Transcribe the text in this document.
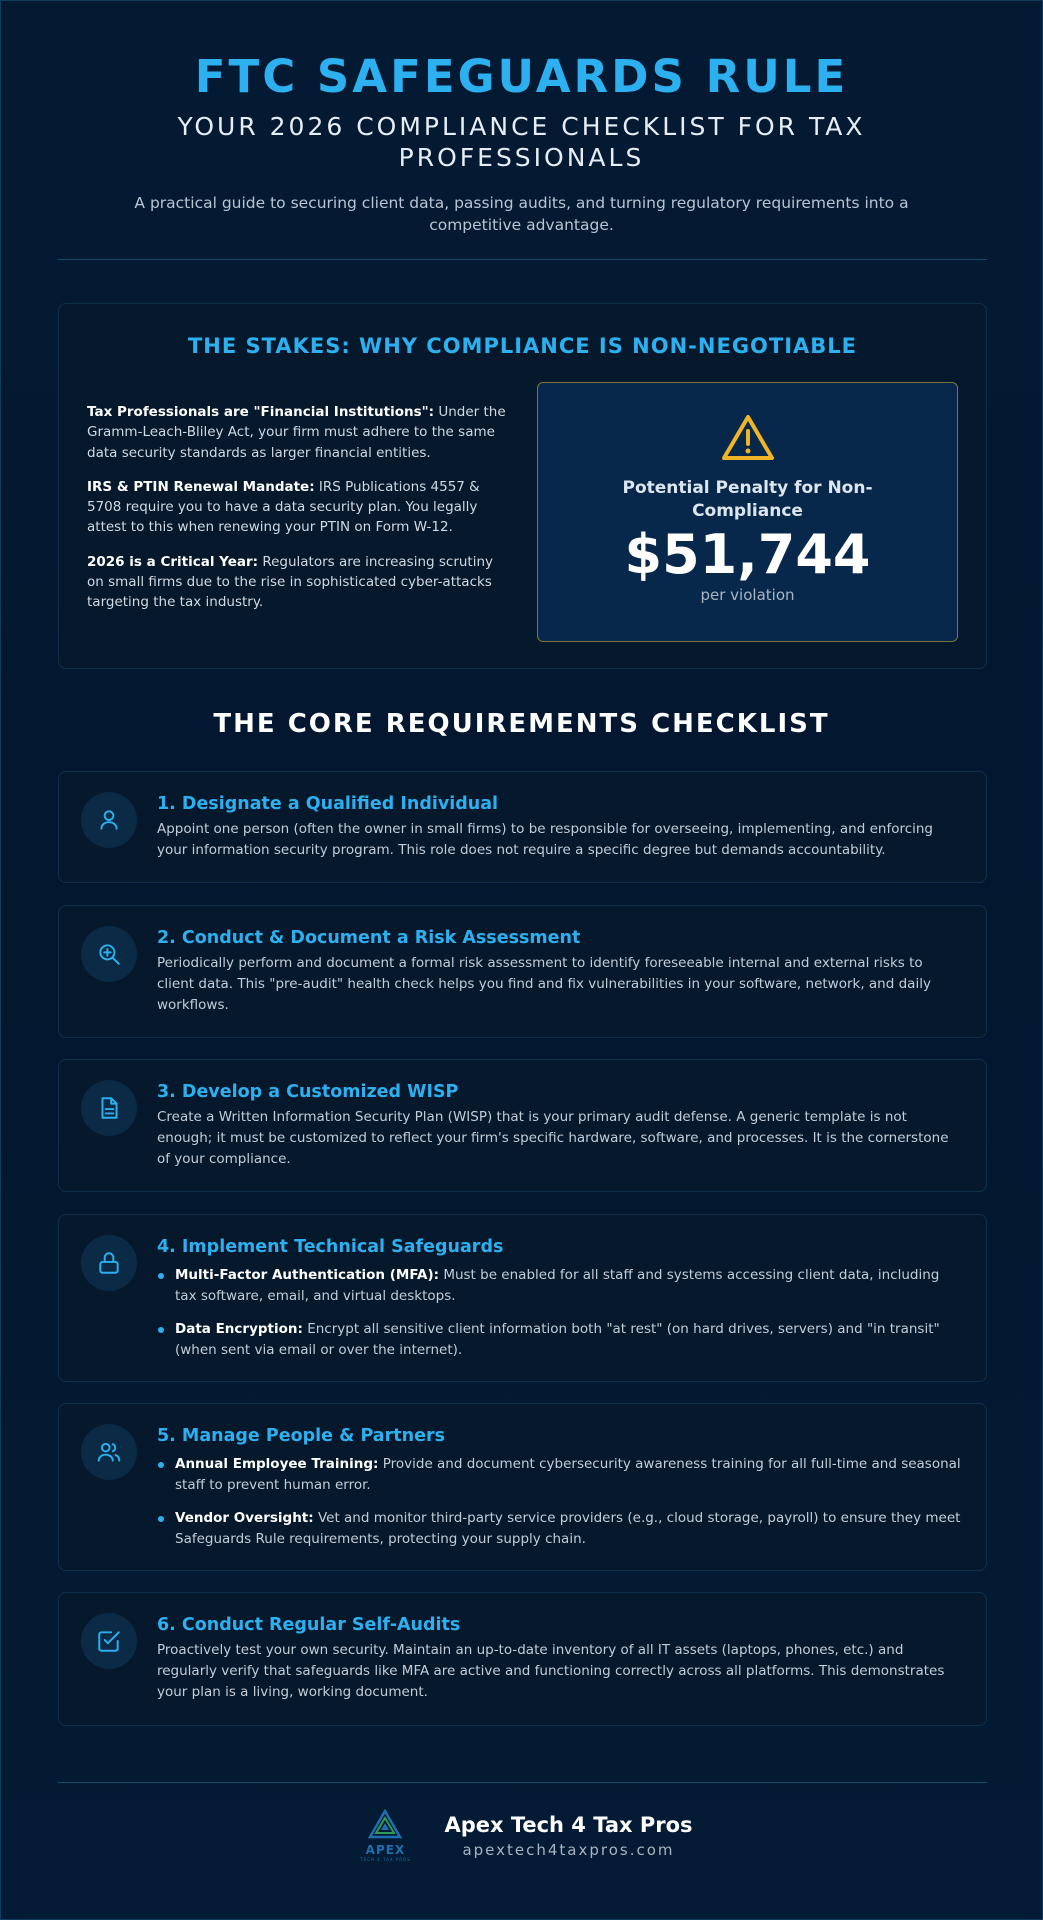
FTC SAFEGUARDS RULE
YOUR 2026 COMPLIANCE CHECKLIST FOR TAX PROFESSIONALS

A practical guide to securing client data, passing audits, and turning regulatory requirements into a competitive advantage.

THE STAKES: WHY COMPLIANCE IS NON-NEGOTIABLE

Tax Professionals are "Financial Institutions": Under the Gramm-Leach-Bliley Act, your firm must adhere to the same data security standards as larger financial entities.

IRS & PTIN Renewal Mandate: IRS Publications 4557 & 5708 require you to have a data security plan. You legally attest to this when renewing your PTIN on Form W-12.

2026 is a Critical Year: Regulators are increasing scrutiny on small firms due to the rise in sophisticated cyber-attacks targeting the tax industry.

Potential Penalty for Non-Compliance
$51,744
per violation
THE CORE REQUIREMENTS CHECKLIST
1. Designate a Qualified Individual
Appoint one person (often the owner in small firms) to be responsible for overseeing, implementing, and enforcing your information security program. This role does not require a specific degree but demands accountability.
2. Conduct & Document a Risk Assessment
Periodically perform and document a formal risk assessment to identify foreseeable internal and external risks to client data. This "pre-audit" health check helps you find and fix vulnerabilities in your software, network, and daily workflows.
3. Develop a Customized WISP
Create a Written Information Security Plan (WISP) that is your primary audit defense. A generic template is not enough; it must be customized to reflect your firm's specific hardware, software, and processes. It is the cornerstone of your compliance.
4. Implement Technical Safeguards
Multi-Factor Authentication (MFA): Must be enabled for all staff and systems accessing client data, including tax software, email, and virtual desktops.
Data Encryption: Encrypt all sensitive client information both "at rest" (on hard drives, servers) and "in transit" (when sent via email or over the internet).
5. Manage People & Partners
Annual Employee Training: Provide and document cybersecurity awareness training for all full-time and seasonal staff to prevent human error.
Vendor Oversight: Vet and monitor third-party service providers (e.g., cloud storage, payroll) to ensure they meet Safeguards Rule requirements, protecting your supply chain.
6. Conduct Regular Self-Audits
Proactively test your own security. Maintain an up-to-date inventory of all IT assets (laptops, phones, etc.) and regularly verify that safeguards like MFA are active and functioning correctly across all platforms. This demonstrates your plan is a living, working document.
APEX
TECH 4 TAX PROS
Apex Tech 4 Tax Pros
apextech4taxpros.com
